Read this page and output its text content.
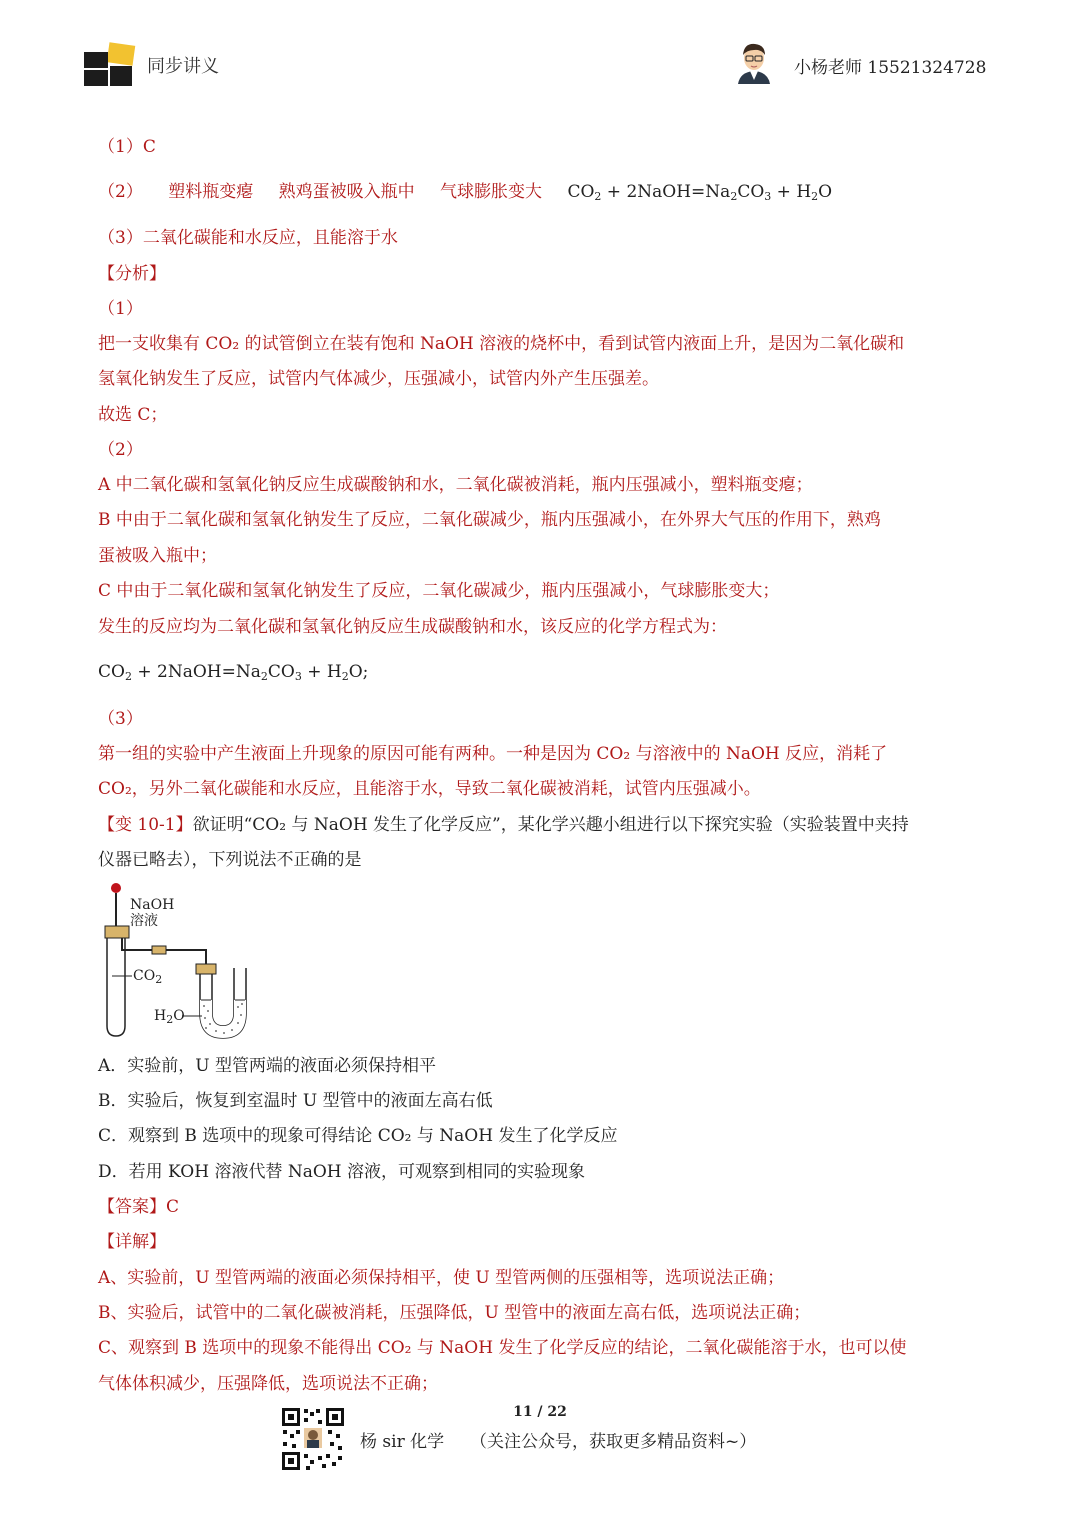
同步讲义	小杨老师 15521324728
（1）C
（2） 塑料瓶变瘪 熟鸡蛋被吸入瓶中 气球膨胀变大 $CO_2$ + $2NaOH=Na_2CO_3 + H_2O$
（3）二氧化碳能和水反应，且能溶于水
【分析】
（1）
把一支收集有 CO₂ 的试管倒立在装有饱和 NaOH 溶液的烧杯中，看到试管内液面上升，是因为二氧化碳和
氢氧化钠发生了反应，试管内气体减少，压强减小，试管内外产生压强差。
故选 C；
（2）
A 中二氧化碳和氢氧化钠反应生成碳酸钠和水，二氧化碳被消耗，瓶内压强减小，塑料瓶变瘪；
B 中由于二氧化碳和氢氧化钠发生了反应，二氧化碳减少，瓶内压强减小，在外界大气压的作用下，熟鸡
蛋被吸入瓶中；
C 中由于二氧化碳和氢氧化钠发生了反应，二氧化碳减少，瓶内压强减小，气球膨胀变大；
发生的反应均为二氧化碳和氢氧化钠反应生成碳酸钠和水，该反应的化学方程式为：
$CO_2$ + $2NaOH=Na_2CO_3 + H_2O$;
（3）
第一组的实验中产生液面上升现象的原因可能有两种。一种是因为 CO₂ 与溶液中的 NaOH 反应，消耗了
CO₂，另外二氧化碳能和水反应，且能溶于水，导致二氧化碳被消耗，试管内压强减小。
【变 10-1】欲证明“CO₂ 与 NaOH 发生了化学反应”，某化学兴趣小组进行以下探究实验（实验装置中夹持
仪器已略去），下列说法不正确的是
NaOH
溶液
$CO_2$
$H_2O$
A．实验前，U 型管两端的液面必须保持相平
B．实验后，恢复到室温时 U 型管中的液面左高右低
C．观察到 B 选项中的现象可得结论 CO₂ 与 NaOH 发生了化学反应
D．若用 KOH 溶液代替 NaOH 溶液，可观察到相同的实验现象
【答案】C
【详解】
A、实验前，U 型管两端的液面必须保持相平，使 U 型管两侧的压强相等，选项说法正确；
B、实验后，试管中的二氧化碳被消耗，压强降低，U 型管中的液面左高右低，选项说法正确；
C、观察到 B 选项中的现象不能得出 CO₂ 与 NaOH 发生了化学反应的结论，二氧化碳能溶于水，也可以使
气体体积减少，压强降低，选项说法不正确；
11 / 22
杨 sir 化学 （关注公众号，获取更多精品资料~）
